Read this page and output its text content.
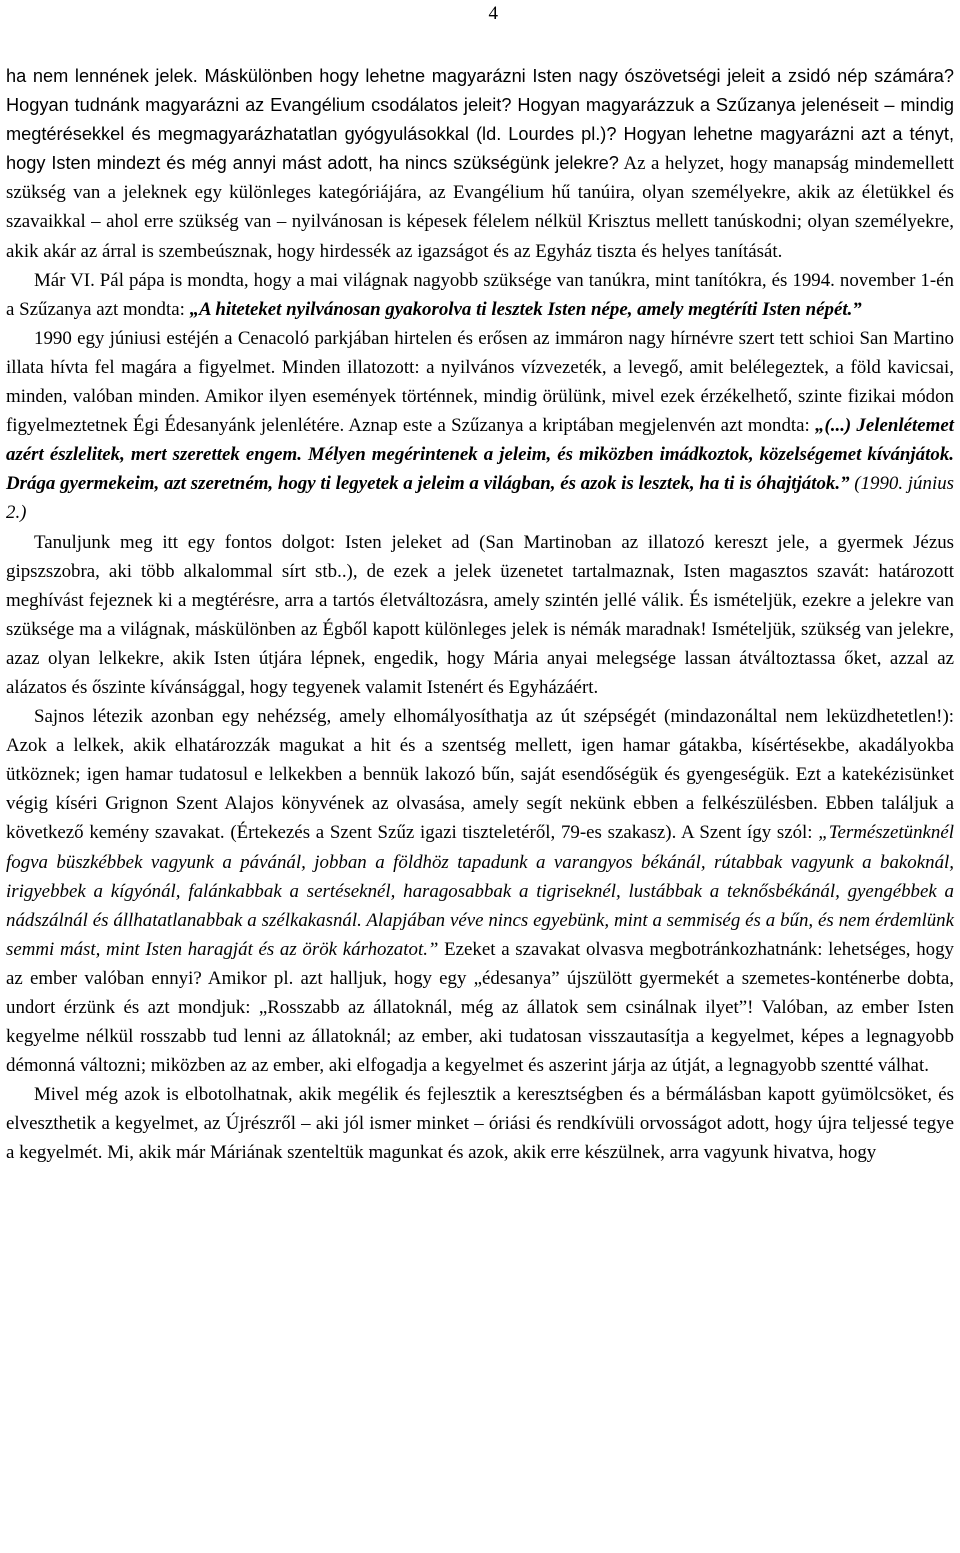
4

ha nem lennének jelek. Máskülönben hogy lehetne magyarázni Isten nagy ószövetségi jeleit a zsidó nép számára? Hogyan tudnánk magyarázni az Evangélium csodálatos jeleit? Hogyan magyarázzuk a Szűzanya jelenéseit – mindig megtérésekkel és megmagyarázhatatlan gyógyulásokkal (ld. Lourdes pl.)? Hogyan lehetne magyarázni azt a tényt, hogy Isten mindezt és még annyi mást adott, ha nincs szükségünk jelekre? Az a helyzet, hogy manapság mindemellett szükség van a jeleknek egy különleges kategóriájára, az Evangélium hű tanúira, olyan személyekre, akik az életükkel és szavaikkal – ahol erre szükség van – nyilvánosan is képesek félelem nélkül Krisztus mellett tanúskodni; olyan személyekre, akik akár az árral is szembeúsznak, hogy hirdessék az igazságot és az Egyház tiszta és helyes tanítását.

Már VI. Pál pápa is mondta, hogy a mai világnak nagyobb szüksége van tanúkra, mint tanítókra, és 1994. november 1-én a Szűzanya azt mondta: „A hiteteket nyilvánosan gyakorolva ti lesztek Isten népe, amely megtéríti Isten népét.”

1990 egy júniusi estéjén a Cenacoló parkjában hirtelen és erősen az immáron nagy hírnévre szert tett schioi San Martino illata hívta fel magára a figyelmet. Minden illatozott: a nyilvános vízvezeték, a levegő, amit belélegeztek, a föld kavicsai, minden, valóban minden. Amikor ilyen események történnek, mindig örülünk, mivel ezek érzékelhető, szinte fizikai módon figyelmeztetnek Égi Édesanyánk jelenlétére. Aznap este a Szűzanya a kriptában megjelenvén azt mondta: „(...) Jelenlétemet azért észlelitek, mert szerettek engem. Mélyen megérintenek a jeleim, és miközben imádkoztok, közelségemet kívánjátok. Drága gyermekeim, azt szeretném, hogy ti legyetek a jeleim a világban, és azok is lesztek, ha ti is óhajtjátok.” (1990. június 2.)

Tanuljunk meg itt egy fontos dolgot: Isten jeleket ad (San Martinoban az illatozó kereszt jele, a gyermek Jézus gipszszobra, aki több alkalommal sírt stb..), de ezek a jelek üzenetet tartalmaznak, Isten magasztos szavát: határozott meghívást fejeznek ki a megtérésre, arra a tartós életváltozásra, amely szintén jellé válik. És ismételjük, ezekre a jelekre van szüksége ma a világnak, máskülönben az Égből kapott különleges jelek is némák maradnak! Ismételjük, szükség van jelekre, azaz olyan lelkekre, akik Isten útjára lépnek, engedik, hogy Mária anyai melegsége lassan átváltoztassa őket, azzal az alázatos és őszinte kívánsággal, hogy tegyenek valamit Istenért és Egyházáért.

Sajnos létezik azonban egy nehézség, amely elhomályosíthatja az út szépségét (mindazonáltal nem leküzdhetetlen!): Azok a lelkek, akik elhatározzák magukat a hit és a szentség mellett, igen hamar gátakba, kísértésekbe, akadályokba ütköznek; igen hamar tudatosul e lelkekben a bennük lakozó bűn, saját esendőségük és gyengeségük. Ezt a katekézisünket végig kíséri Grignon Szent Alajos könyvének az olvasása, amely segít nekünk ebben a felkészülésben. Ebben találjuk a következő kemény szavakat. (Értekezés a Szent Szűz igazi tiszteletéről, 79-es szakasz). A Szent így szól: „Természetünknél fogva büszkébbek vagyunk a pávánál, jobban a földhöz tapadunk a varangyos békánál, rútabbak vagyunk a bakoknál, irigyebbek a kígyónál, falánkabbak a sertéseknél, haragosabbak a tigriseknél, lustábbak a teknősbékánál, gyengébbek a nádszálnál és állhatatlanabbak a szélkakasnál. Alapjában véve nincs egyebünk, mint a semmiség és a bűn, és nem érdemlünk semmi mást, mint Isten haragját és az örök kárhozatot.” Ezeket a szavakat olvasva megbotránkozhatnánk: lehetséges, hogy az ember valóban ennyi? Amikor pl. azt halljuk, hogy egy „édesanya” újszülött gyermekét a szemetes-konténerbe dobta, undort érzünk és azt mondjuk: „Rosszabb az állatoknál, még az állatok sem csinálnak ilyet”! Valóban, az ember Isten kegyelme nélkül rosszabb tud lenni az állatoknál; az ember, aki tudatosan visszautasítja a kegyelmet, képes a legnagyobb démonná változni; miközben az az ember, aki elfogadja a kegyelmet és aszerint járja az útját, a legnagyobb szentté válhat.

Mivel még azok is elbotolhatnak, akik megélik és fejlesztik a keresztségben és a bérmálásban kapott gyümölcsöket, és elveszthetik a kegyelmet, az Újrészről – aki jól ismer minket – óriási és rendkívüli orvosságot adott, hogy újra teljessé tegye a kegyelmét. Mi, akik már Máriának szenteltük magunkat és azok, akik erre készülnek, arra vagyunk hivatva, hogy
